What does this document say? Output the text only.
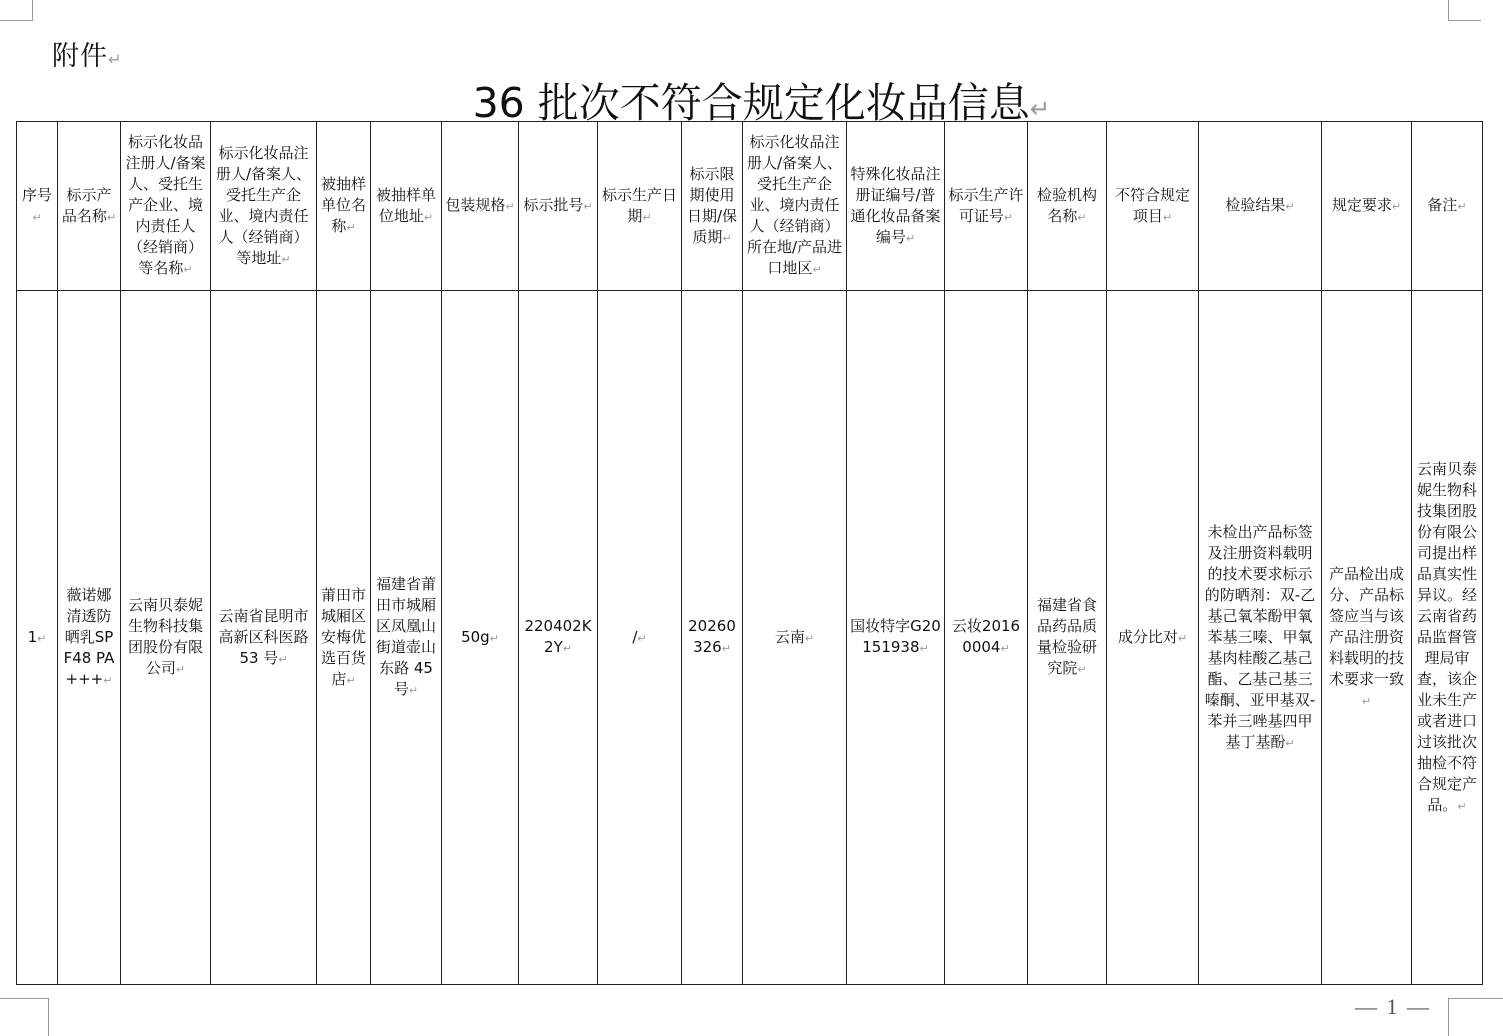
附件↵
36 批次不符合规定化妆品信息↵
序号↵	标示产品名称↵	标示化妆品注册人/备案人、受托生产企业、境内责任人（经销商）等名称↵	标示化妆品注册人/备案人、受托生产企业、境内责任人（经销商）等地址↵	被抽样单位名称↵	被抽样单位地址↵	包装规格↵	标示批号↵	标示生产日期↵	标示限期使用日期/保质期↵	标示化妆品注册人/备案人、受托生产企业、境内责任人（经销商）所在地/产品进口地区↵	特殊化妆品注册证编号/普通化妆品备案编号↵	标示生产许可证号↵	检验机构名称↵	不符合规定项目↵	检验结果↵	规定要求↵	备注↵
1↵	薇诺娜清透防晒乳SPF48 PA+++↵	云南贝泰妮生物科技集团股份有限公司↵	云南省昆明市高新区科医路 53 号↵	莆田市城厢区安梅优选百货店↵	福建省莆田市城厢区凤凰山街道壶山东路 45 号↵	50g↵	220402K2Y↵	/↵	20260326↵	云南↵	国妆特字G20151938↵	云妆20160004↵	福建省食品药品质量检验研究院↵	成分比对↵	未检出产品标签及注册资料载明的技术要求标示的防晒剂：双-乙基己氧苯酚甲氧苯基三嗪、甲氧基肉桂酸乙基己酯、乙基己基三嗪酮、亚甲基双-苯并三唑基四甲基丁基酚↵	产品检出成分、产品标签应当与该产品注册资料载明的技术要求一致↵	云南贝泰妮生物科技集团股份有限公司提出样品真实性异议。经云南省药品监督管理局审查，该企业未生产或者进口过该批次抽检不符合规定产品。↵
— 1 —
